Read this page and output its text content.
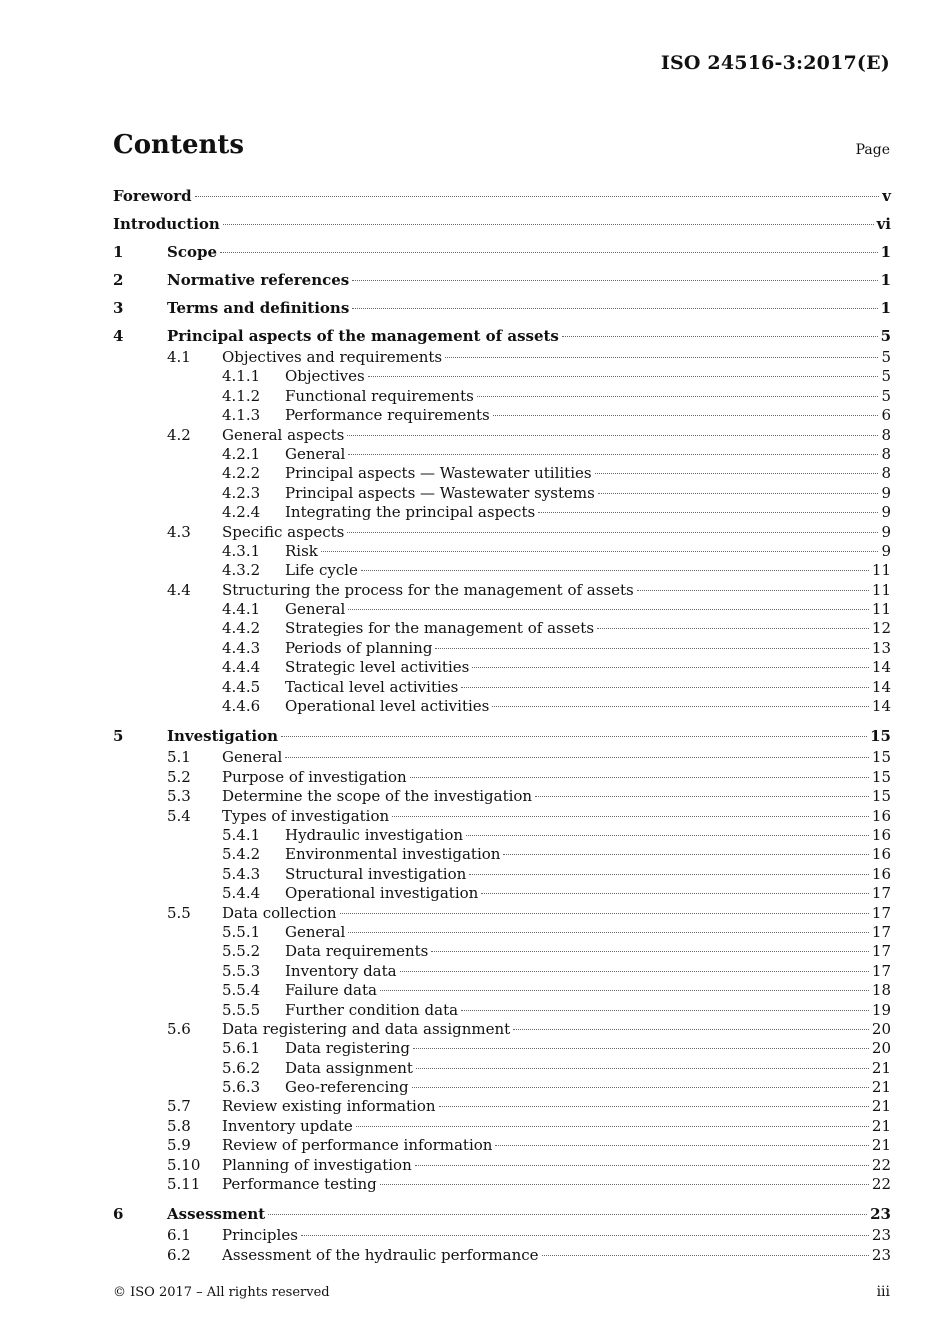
ISO 24516-3:2017(E)
Contents	Page
Foreword	v
Introduction	vi
1	Scope	1
2	Normative references	1
3	Terms and definitions	1
4	Principal aspects of the management of assets	5
4.1 Objectives and requirements	5
4.1.1 Objectives	5
4.1.2 Functional requirements	5
4.1.3 Performance requirements	6
4.2 General aspects	8
4.2.1 General	8
4.2.2 Principal aspects — Wastewater utilities	8
4.2.3 Principal aspects — Wastewater systems	9
4.2.4 Integrating the principal aspects	9
4.3 Specific aspects	9
4.3.1 Risk	9
4.3.2 Life cycle	11
4.4 Structuring the process for the management of assets	11
4.4.1 General	11
4.4.2 Strategies for the management of assets	12
4.4.3 Periods of planning	13
4.4.4 Strategic level activities	14
4.4.5 Tactical level activities	14
4.4.6 Operational level activities	14
5	Investigation	15
5.1 General	15
5.2 Purpose of investigation	15
5.3 Determine the scope of the investigation	15
5.4 Types of investigation	16
5.4.1 Hydraulic investigation	16
5.4.2 Environmental investigation	16
5.4.3 Structural investigation	16
5.4.4 Operational investigation	17
5.5 Data collection	17
5.5.1 General	17
5.5.2 Data requirements	17
5.5.3 Inventory data	17
5.5.4 Failure data	18
5.5.5 Further condition data	19
5.6 Data registering and data assignment	20
5.6.1 Data registering	20
5.6.2 Data assignment	21
5.6.3 Geo-referencing	21
5.7 Review existing information	21
5.8 Inventory update	21
5.9 Review of performance information	21
5.10 Planning of investigation	22
5.11 Performance testing	22
6	Assessment	23
6.1 Principles	23
6.2 Assessment of the hydraulic performance	23
© ISO 2017 – All rights reserved	iii
